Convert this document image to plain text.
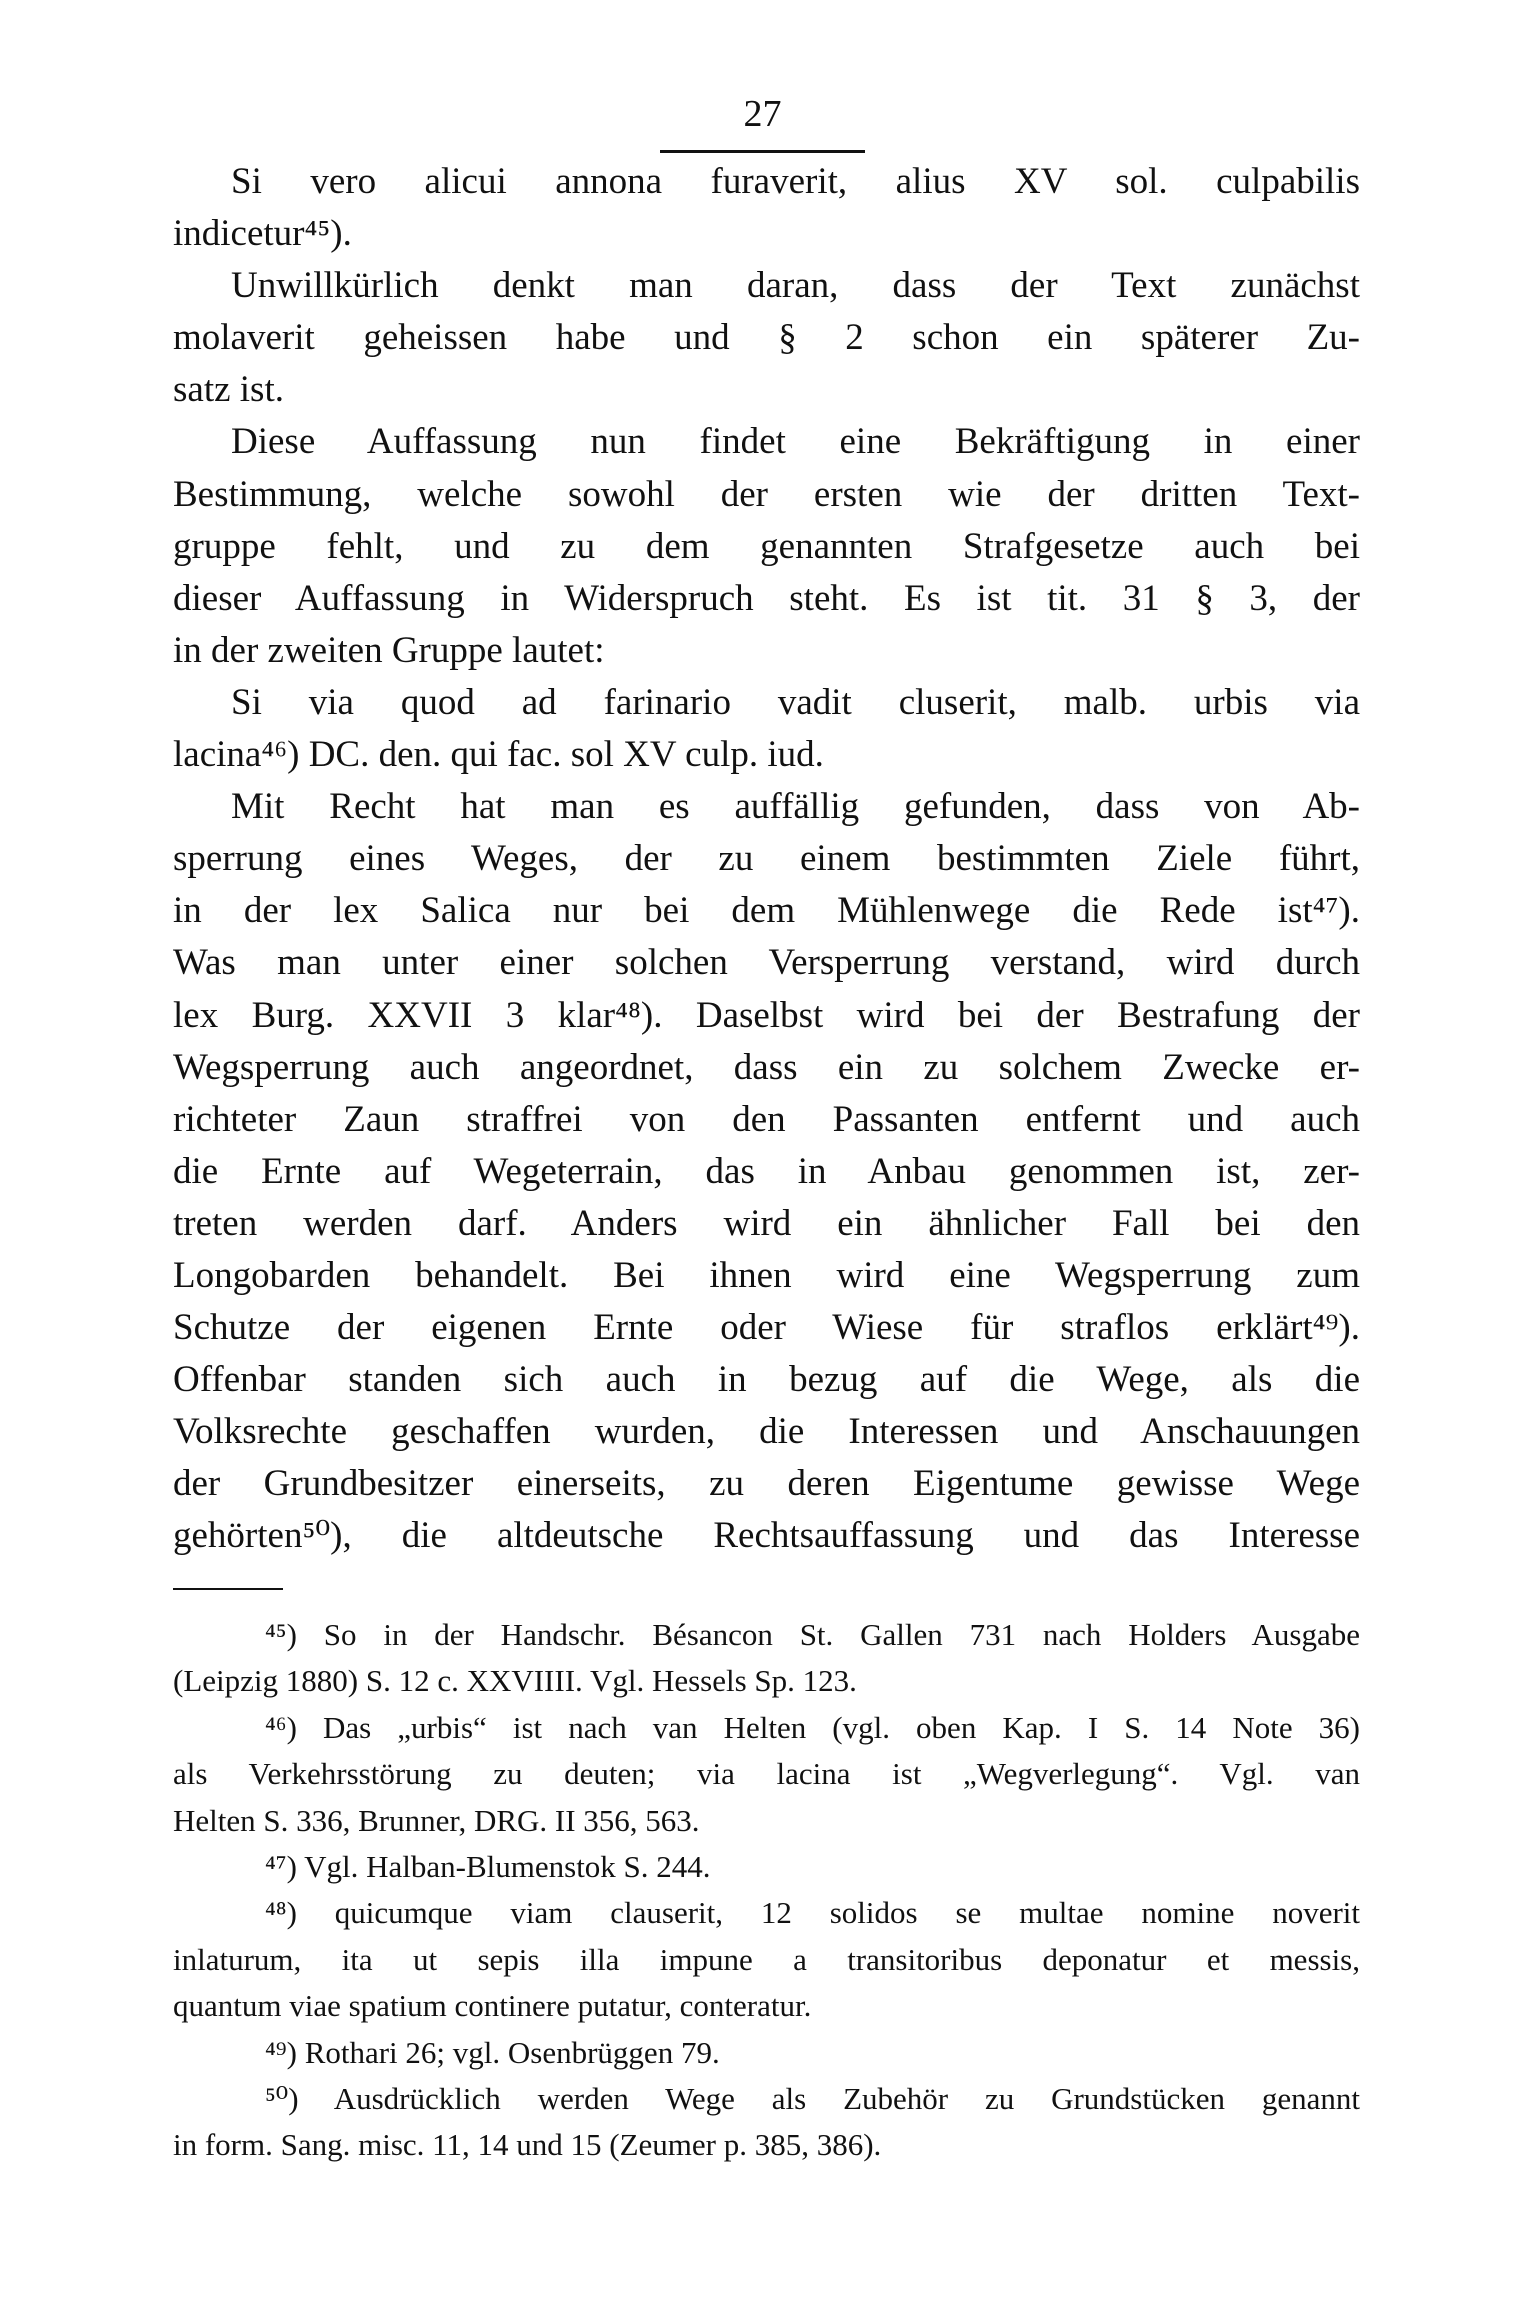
27
Si vero alicui annona furaverit, alius XV sol. culpabilis
indicetur⁴⁵).
Unwillkürlich denkt man daran, dass der Text zunächst
molaverit geheissen habe und § 2 schon ein späterer Zu-
satz ist.
Diese Auffassung nun findet eine Bekräftigung in einer
Bestimmung, welche sowohl der ersten wie der dritten Text-
gruppe fehlt, und zu dem genannten Strafgesetze auch bei
dieser Auffassung in Widerspruch steht. Es ist tit. 31 § 3, der
in der zweiten Gruppe lautet:
Si via quod ad farinario vadit cluserit, malb. urbis via
lacina⁴⁶) DC. den. qui fac. sol XV culp. iud.
Mit Recht hat man es auffällig gefunden, dass von Ab-
sperrung eines Weges, der zu einem bestimmten Ziele führt,
in der lex Salica nur bei dem Mühlenwege die Rede ist⁴⁷).
Was man unter einer solchen Versperrung verstand, wird durch
lex Burg. XXVII 3 klar⁴⁸). Daselbst wird bei der Bestrafung der
Wegsperrung auch angeordnet, dass ein zu solchem Zwecke er-
richteter Zaun straffrei von den Passanten entfernt und auch
die Ernte auf Wegeterrain, das in Anbau genommen ist, zer-
treten werden darf. Anders wird ein ähnlicher Fall bei den
Longobarden behandelt. Bei ihnen wird eine Wegsperrung zum
Schutze der eigenen Ernte oder Wiese für straflos erklärt⁴⁹).
Offenbar standen sich auch in bezug auf die Wege, als die
Volksrechte geschaffen wurden, die Interessen und Anschauungen
der Grundbesitzer einerseits, zu deren Eigentume gewisse Wege
gehörten⁵⁰), die altdeutsche Rechtsauffassung und das Interesse
⁴⁵) So in der Handschr. Bésancon St. Gallen 731 nach Holders Ausgabe
(Leipzig 1880) S. 12 c. XXVIIII. Vgl. Hessels Sp. 123.
⁴⁶) Das „urbis“ ist nach van Helten (vgl. oben Kap. I S. 14 Note 36)
als Verkehrsstörung zu deuten; via lacina ist „Wegverlegung“. Vgl. van
Helten S. 336, Brunner, DRG. II 356, 563.
⁴⁷) Vgl. Halban-Blumenstok S. 244.
⁴⁸) quicumque viam clauserit, 12 solidos se multae nomine noverit
inlaturum, ita ut sepis illa impune a transitoribus deponatur et messis,
quantum viae spatium continere putatur, conteratur.
⁴⁹) Rothari 26; vgl. Osenbrüggen 79.
⁵⁰) Ausdrücklich werden Wege als Zubehör zu Grundstücken genannt
in form. Sang. misc. 11, 14 und 15 (Zeumer p. 385, 386).
